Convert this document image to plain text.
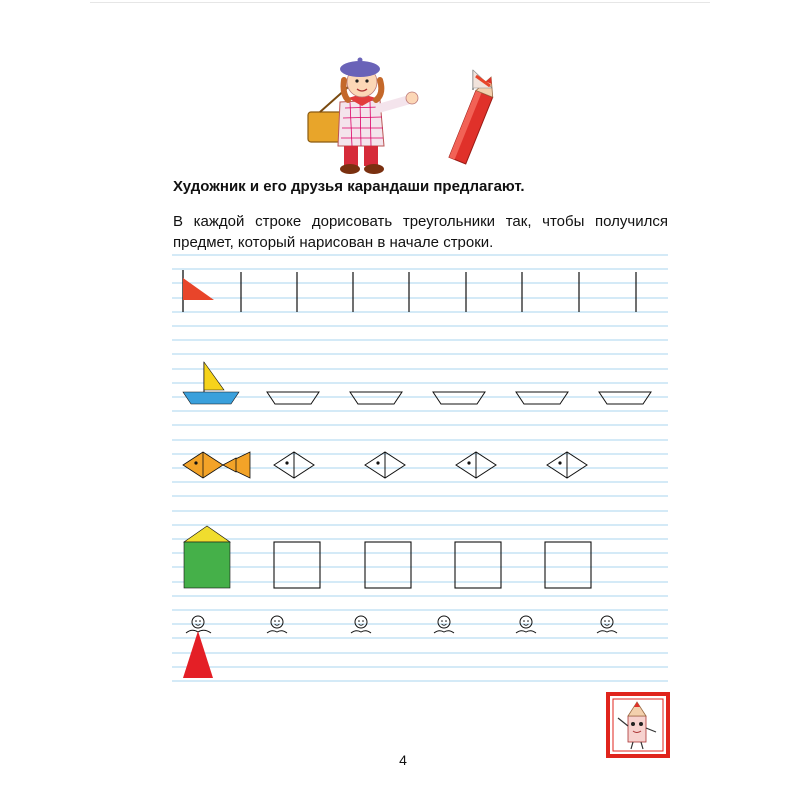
Художник и его друзья карандаши предлагают.
В каждой строке дорисовать треугольники так, чтобы получился предмет, который нарисован в начале строки.
4
